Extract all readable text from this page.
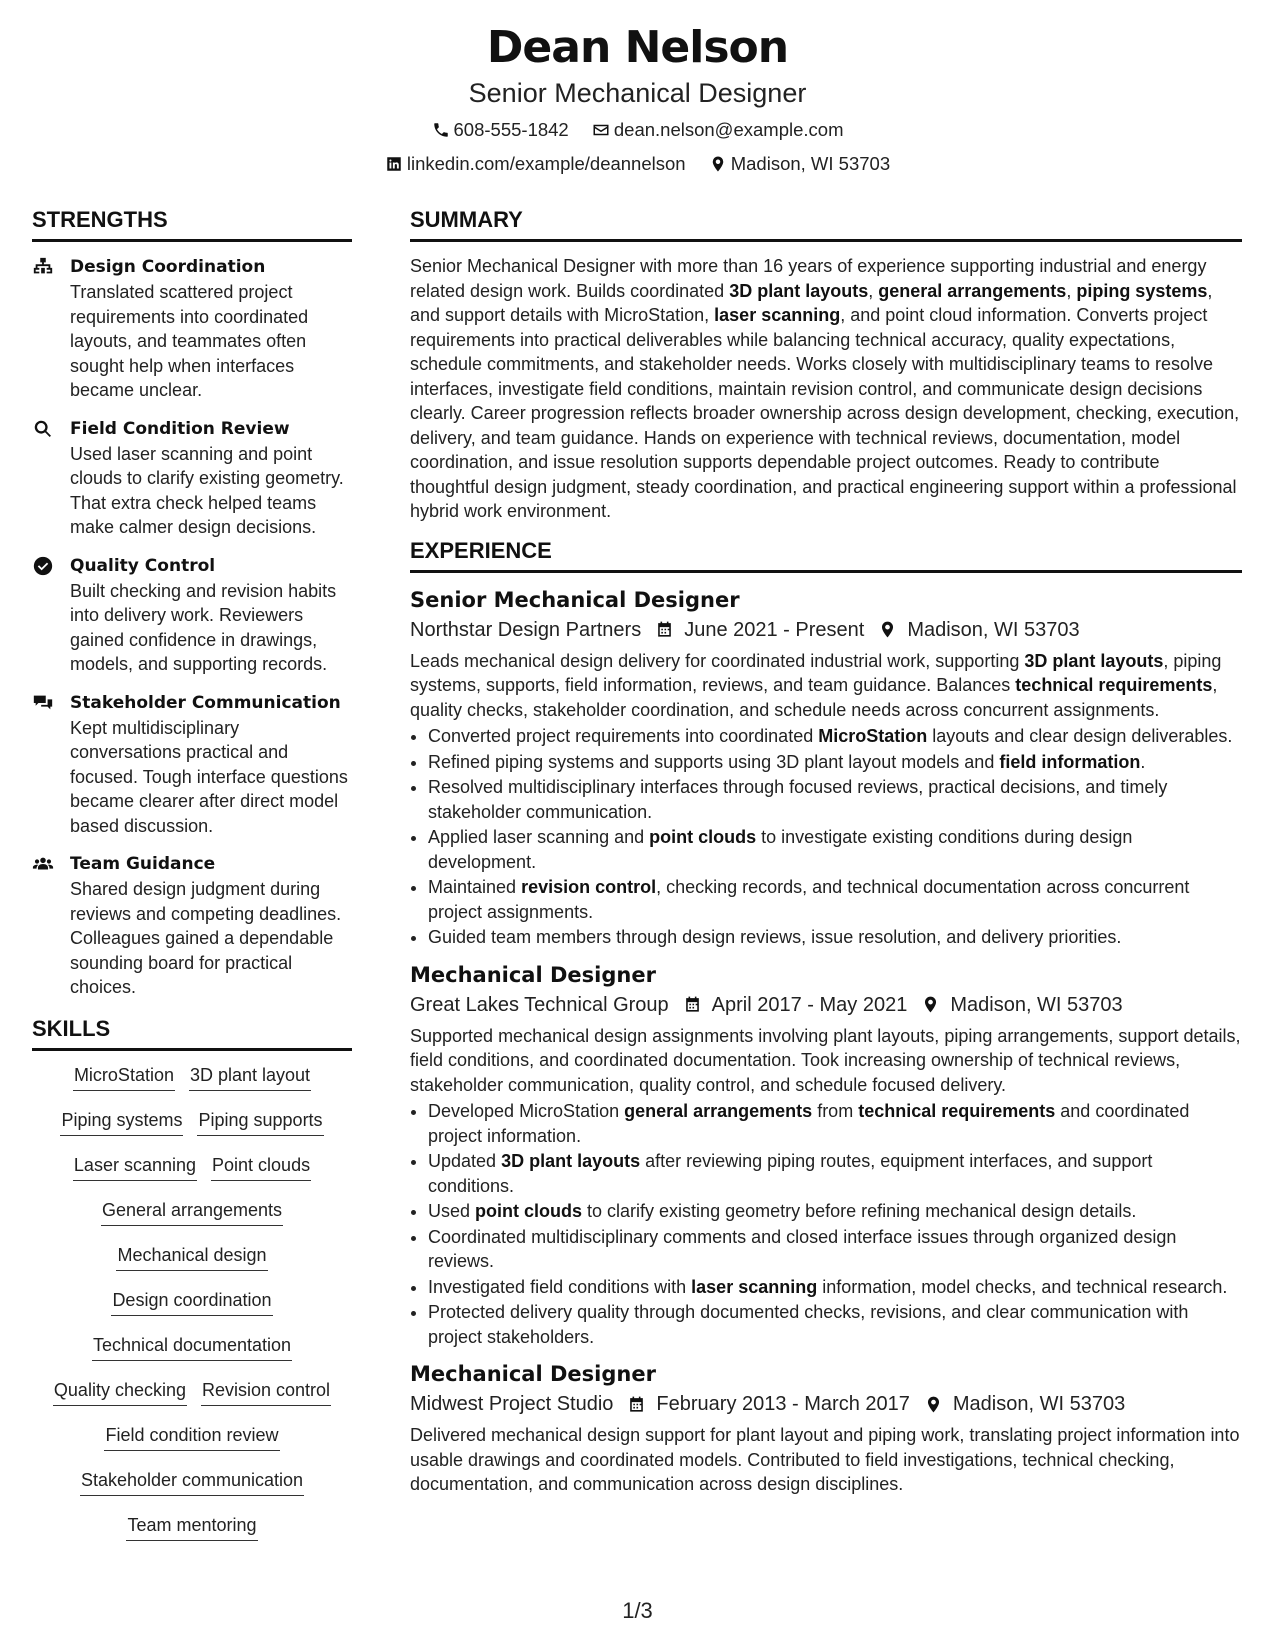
Dean Nelson
Senior Mechanical Designer
608-555-1842
dean.nelson@example.com
linkedin.com/example/deannelson
Madison, WI 53703
STRENGTHS
Design Coordination
Translated scattered project requirements into coordinated layouts, and teammates often sought help when interfaces became unclear.
Field Condition Review
Used laser scanning and point clouds to clarify existing geometry. That extra check helped teams make calmer design decisions.
Quality Control
Built checking and revision habits into delivery work. Reviewers gained confidence in drawings, models, and supporting records.
Stakeholder Communication
Kept multidisciplinary conversations practical and focused. Tough interface questions became clearer after direct model based discussion.
Team Guidance
Shared design judgment during reviews and competing deadlines. Colleagues gained a dependable sounding board for practical choices.
SKILLS
MicroStation 3D plant layout
Piping systems Piping supports
Laser scanning Point clouds
General arrangements
Mechanical design
Design coordination
Technical documentation
Quality checking Revision control
Field condition review
Stakeholder communication
Team mentoring
SUMMARY
Senior Mechanical Designer with more than 16 years of experience supporting industrial and energy related design work. Builds coordinated 3D plant layouts, general arrangements, piping systems, and support details with MicroStation, laser scanning, and point cloud information. Converts project requirements into practical deliverables while balancing technical accuracy, quality expectations, schedule commitments, and stakeholder needs. Works closely with multidisciplinary teams to resolve interfaces, investigate field conditions, maintain revision control, and communicate design decisions clearly. Career progression reflects broader ownership across design development, checking, execution, delivery, and team guidance. Hands on experience with technical reviews, documentation, model coordination, and issue resolution supports dependable project outcomes. Ready to contribute thoughtful design judgment, steady coordination, and practical engineering support within a professional hybrid work environment.
EXPERIENCE
Senior Mechanical Designer
Northstar Design Partners June 2021 - Present Madison, WI 53703
Leads mechanical design delivery for coordinated industrial work, supporting 3D plant layouts, piping systems, supports, field information, reviews, and team guidance. Balances technical requirements, quality checks, stakeholder coordination, and schedule needs across concurrent assignments.
• Converted project requirements into coordinated MicroStation layouts and clear design deliverables.
• Refined piping systems and supports using 3D plant layout models and field information.
• Resolved multidisciplinary interfaces through focused reviews, practical decisions, and timely stakeholder communication.
• Applied laser scanning and point clouds to investigate existing conditions during design development.
• Maintained revision control, checking records, and technical documentation across concurrent project assignments.
• Guided team members through design reviews, issue resolution, and delivery priorities.
Mechanical Designer
Great Lakes Technical Group April 2017 - May 2021 Madison, WI 53703
Supported mechanical design assignments involving plant layouts, piping arrangements, support details, field conditions, and coordinated documentation. Took increasing ownership of technical reviews, stakeholder communication, quality control, and schedule focused delivery.
• Developed MicroStation general arrangements from technical requirements and coordinated project information.
• Updated 3D plant layouts after reviewing piping routes, equipment interfaces, and support conditions.
• Used point clouds to clarify existing geometry before refining mechanical design details.
• Coordinated multidisciplinary comments and closed interface issues through organized design reviews.
• Investigated field conditions with laser scanning information, model checks, and technical research.
• Protected delivery quality through documented checks, revisions, and clear communication with project stakeholders.
Mechanical Designer
Midwest Project Studio February 2013 - March 2017 Madison, WI 53703
Delivered mechanical design support for plant layout and piping work, translating project information into usable drawings and coordinated models. Contributed to field investigations, technical checking, documentation, and communication across design disciplines.
1/3
